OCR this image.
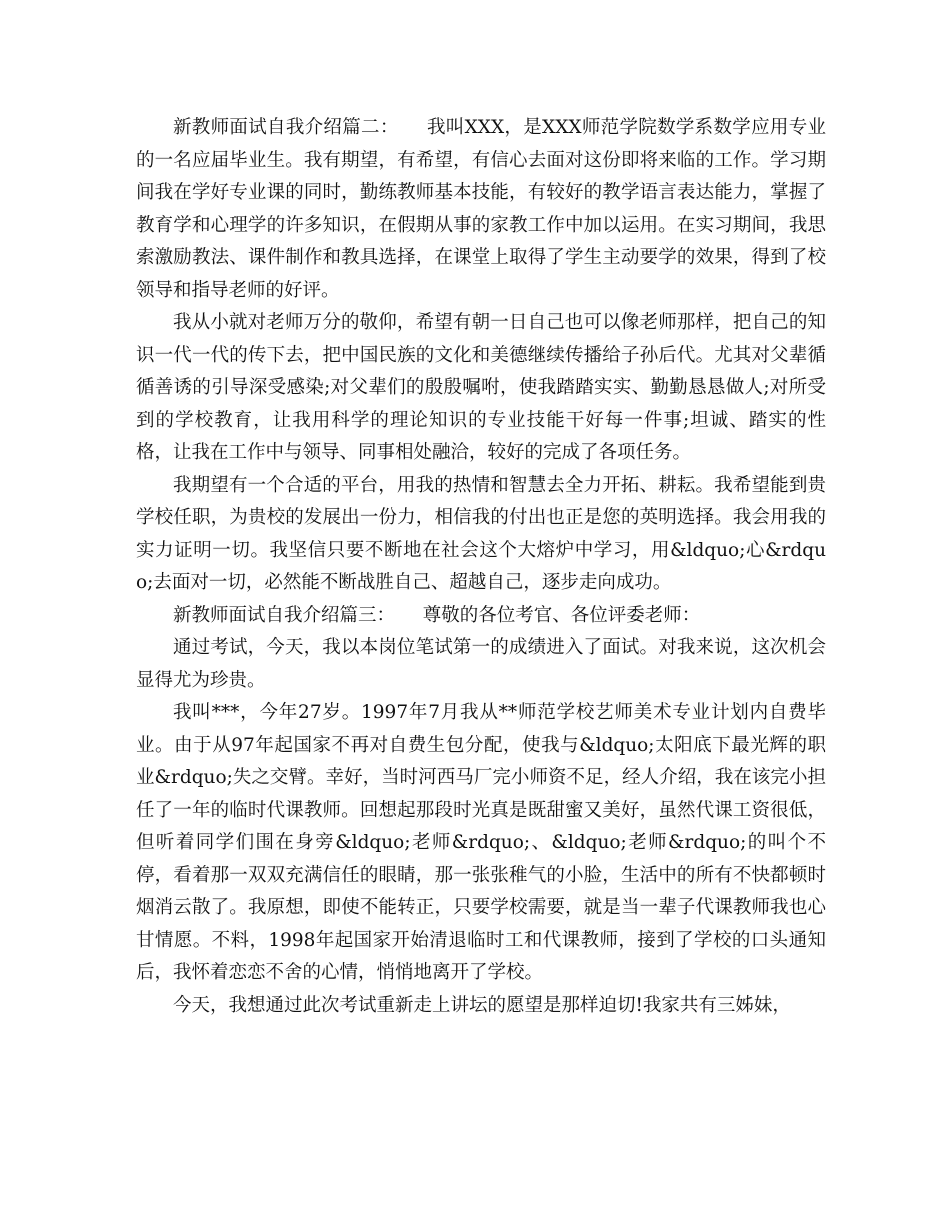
新教师面试自我介绍篇二：　　我叫XXX，是XXX师范学院数学系数学应用专业的一名应届毕业生。我有期望，有希望，有信心去面对这份即将来临的工作。学习期间我在学好专业课的同时，勤练教师基本技能，有较好的教学语言表达能力，掌握了教育学和心理学的许多知识，在假期从事的家教工作中加以运用。在实习期间，我思索激励教法、课件制作和教具选择，在课堂上取得了学生主动要学的效果，得到了校领导和指导老师的好评。

我从小就对老师万分的敬仰，希望有朝一日自己也可以像老师那样，把自己的知识一代一代的传下去，把中国民族的文化和美德继续传播给子孙后代。尤其对父辈循循善诱的引导深受感染;对父辈们的殷殷嘱咐，使我踏踏实实、勤勤恳恳做人;对所受到的学校教育，让我用科学的理论知识的专业技能干好每一件事;坦诚、踏实的性格，让我在工作中与领导、同事相处融洽，较好的完成了各项任务。

我期望有一个合适的平台，用我的热情和智慧去全力开拓、耕耘。我希望能到贵学校任职，为贵校的发展出一份力，相信我的付出也正是您的英明选择。我会用我的实力证明一切。我坚信只要不断地在社会这个大熔炉中学习，用&ldquo;心&rdquo;去面对一切，必然能不断战胜自己、超越自己，逐步走向成功。

新教师面试自我介绍篇三：　　尊敬的各位考官、各位评委老师：

通过考试，今天，我以本岗位笔试第一的成绩进入了面试。对我来说，这次机会显得尤为珍贵。

我叫***，今年27岁。1997年7月我从**师范学校艺师美术专业计划内自费毕业。由于从97年起国家不再对自费生包分配，使我与&ldquo;太阳底下最光辉的职业&rdquo;失之交臂。幸好，当时河西马厂完小师资不足，经人介绍，我在该完小担任了一年的临时代课教师。回想起那段时光真是既甜蜜又美好，虽然代课工资很低，但听着同学们围在身旁&ldquo;老师&rdquo;、&ldquo;老师&rdquo;的叫个不停，看着那一双双充满信任的眼睛，那一张张稚气的小脸，生活中的所有不快都顿时烟消云散了。我原想，即使不能转正，只要学校需要，就是当一辈子代课教师我也心甘情愿。不料，1998年起国家开始清退临时工和代课教师，接到了学校的口头通知后，我怀着恋恋不舍的心情，悄悄地离开了学校。

今天，我想通过此次考试重新走上讲坛的愿望是那样迫切!我家共有三姊妹，
